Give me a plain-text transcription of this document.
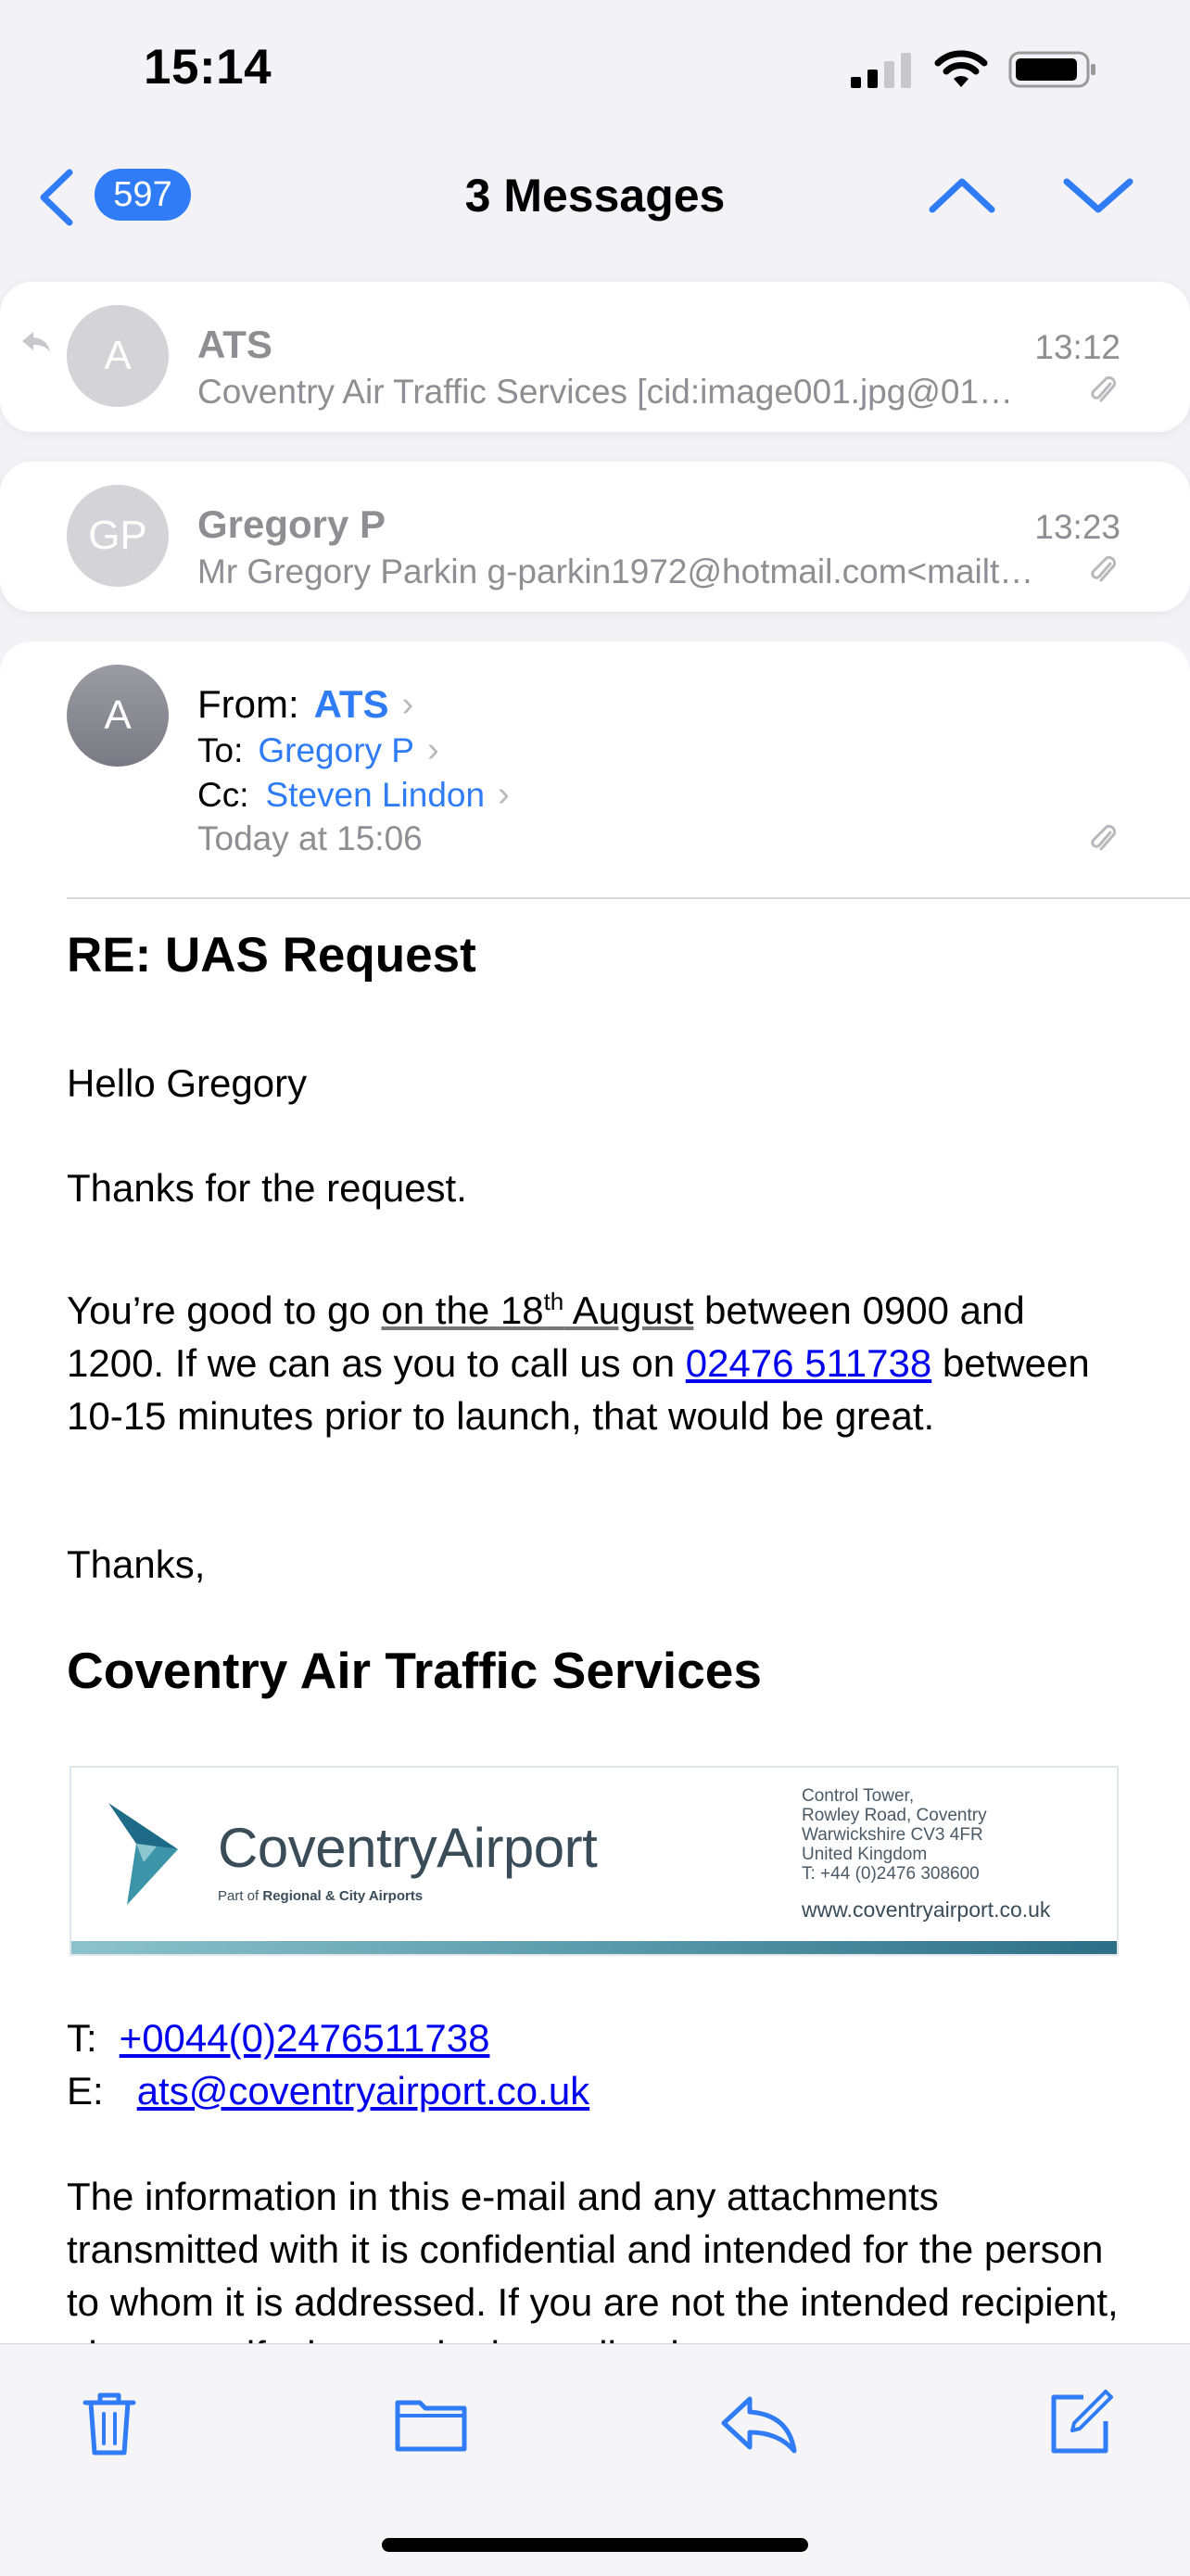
15:14
597	3 Messages
A	ATS	13:12
Coventry Air Traffic Services [cid:image001.jpg@01…
GP	Gregory P	13:23
Mr Gregory Parkin g-parkin1972@hotmail.com<mailt…
A	From: ATS ›
To: Gregory P ›
Cc: Steven Lindon ›
Today at 15:06
RE: UAS Request
Hello Gregory
Thanks for the request.
You’re good to go on the 18th August between 0900 and 1200. If we can as you to call us on 02476 511738 between 10-15 minutes prior to launch, that would be great.
Thanks,
Coventry Air Traffic Services
CoventryAirport
Part of Regional & City Airports
Control Tower,
Rowley Road, Coventry
Warwickshire CV3 4FR
United Kingdom
T: +44 (0)2476 308600
www.coventryairport.co.uk
T: +0044(0)2476511738
E: ats@coventryairport.co.uk
The information in this e-mail and any attachments transmitted with it is confidential and intended for the person to whom it is addressed. If you are not the intended recipient,
